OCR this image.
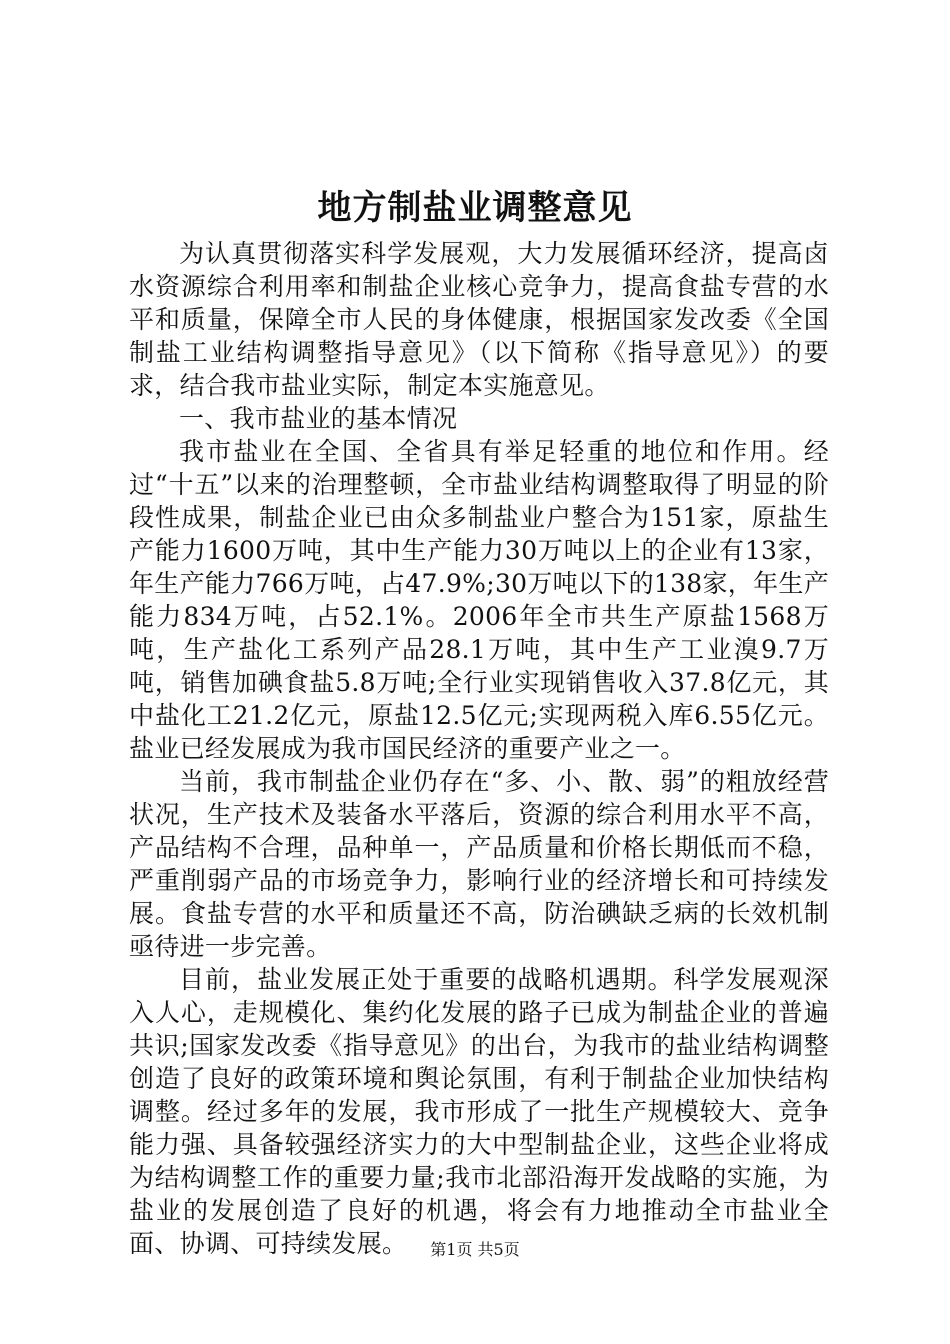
地方制盐业调整意见

为认真贯彻落实科学发展观，大力发展循环经济，提高卤水资源综合利用率和制盐企业核心竞争力，提高食盐专营的水平和质量，保障全市人民的身体健康，根据国家发改委《全国制盐工业结构调整指导意见》（以下简称《指导意见》）的要求，结合我市盐业实际，制定本实施意见。

一、我市盐业的基本情况

我市盐业在全国、全省具有举足轻重的地位和作用。经过“十五”以来的治理整顿，全市盐业结构调整取得了明显的阶段性成果，制盐企业已由众多制盐业户整合为151家，原盐生产能力1600万吨，其中生产能力30万吨以上的企业有13家，年生产能力766万吨，占47.9%;30万吨以下的138家，年生产能力834万吨，占52.1%。2006年全市共生产原盐1568万吨，生产盐化工系列产品28.1万吨，其中生产工业溴9.7万吨，销售加碘食盐5.8万吨;全行业实现销售收入37.8亿元，其中盐化工21.2亿元，原盐12.5亿元;实现两税入库6.55亿元。盐业已经发展成为我市国民经济的重要产业之一。

当前，我市制盐企业仍存在“多、小、散、弱”的粗放经营状况，生产技术及装备水平落后，资源的综合利用水平不高，产品结构不合理，品种单一，产品质量和价格长期低而不稳，严重削弱产品的市场竞争力，影响行业的经济增长和可持续发展。食盐专营的水平和质量还不高，防治碘缺乏病的长效机制亟待进一步完善。

目前，盐业发展正处于重要的战略机遇期。科学发展观深入人心，走规模化、集约化发展的路子已成为制盐企业的普遍共识;国家发改委《指导意见》的出台，为我市的盐业结构调整创造了良好的政策环境和舆论氛围，有利于制盐企业加快结构调整。经过多年的发展，我市形成了一批生产规模较大、竞争能力强、具备较强经济实力的大中型制盐企业，这些企业将成为结构调整工作的重要力量;我市北部沿海开发战略的实施，为盐业的发展创造了良好的机遇，将会有力地推动全市盐业全面、协调、可持续发展。	第1页 共5页
